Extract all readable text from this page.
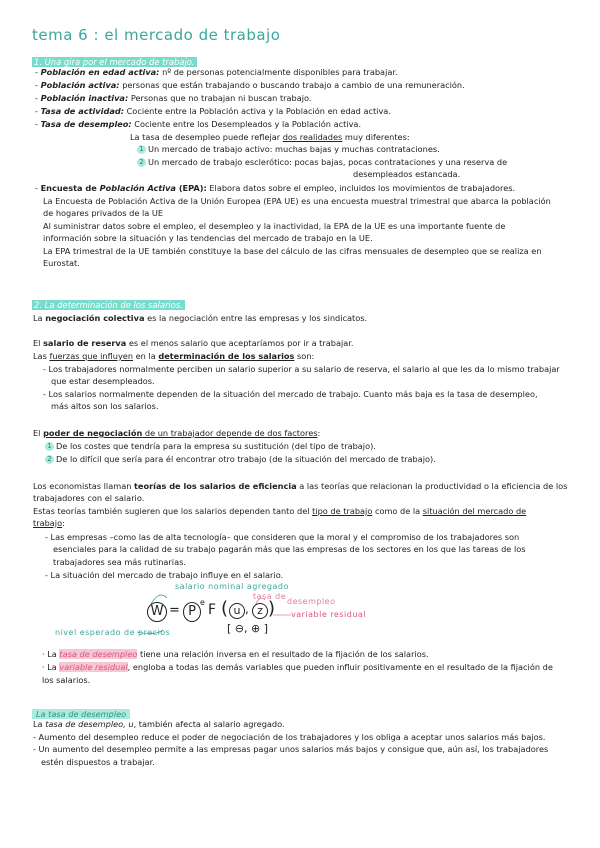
tema 6 : el mercado de trabajo
1. Una gira por el mercado de trabajo.
- Población en edad activa: nº de personas potencialmente disponibles para trabajar.
- Población activa: personas que están trabajando o buscando trabajo a cambio de una remuneración.
- Población inactiva: Personas que no trabajan ni buscan trabajo.
- Tasa de actividad: Cociente entre la Población activa y la Población en edad activa.
- Tasa de desempleo: Cociente entre los Desempleados y la Población activa.
La tasa de desempleo puede reflejar dos realidades muy diferentes:
1 Un mercado de trabajo activo: muchas bajas y muchas contrataciones.
2 Un mercado de trabajo esclerótico: pocas bajas, pocas contrataciones y una reserva de
desempleados estancada.
- Encuesta de Población Activa (EPA): Elabora datos sobre el empleo, incluidos los movimientos de trabajadores.
La Encuesta de Población Activa de la Unión Europea (EPA UE) es una encuesta muestral trimestral que abarca la población
de hogares privados de la UE
Al suministrar datos sobre el empleo, el desempleo y la inactividad, la EPA de la UE es una importante fuente de
información sobre la situación y las tendencias del mercado de trabajo en la UE.
La EPA trimestral de la UE también constituye la base del cálculo de las cifras mensuales de desempleo que se realiza en
Eurostat.
2. La determinación de los salarios.
La negociación colectiva es la negociación entre las empresas y los sindicatos.
El salario de reserva es el menos salario que aceptaríamos por ir a trabajar.
Las fuerzas que influyen en la determinación de los salarios son:
- Los trabajadores normalmente perciben un salario superior a su salario de reserva, el salario al que les da lo mismo trabajar
que estar desempleados.
- Los salarios normalmente dependen de la situación del mercado de trabajo. Cuanto más baja es la tasa de desempleo,
más altos son los salarios.
El poder de negociación de un trabajador depende de dos factores:
1 De los costes que tendría para la empresa su sustitución (del tipo de trabajo).
2 De lo difícil que sería para él encontrar otro trabajo (de la situación del mercado de trabajo).
Los economistas llaman teorías de los salarios de eficiencia a las teorías que relacionan la productividad o la eficiencia de los
trabajadores con el salario.
Estas teorías también sugieren que los salarios dependen tanto del tipo de trabajo como de la situación del mercado de
trabajo:
- Las empresas –como las de alta tecnología– que consideren que la moral y el compromiso de los trabajadores son
esenciales para la calidad de su trabajo pagarán más que las empresas de los sectores en los que las tareas de los
trabajadores sea más rutinarias.
- La situación del mercado de trabajo influye en el salario.
salario nominal agregado
tasa de
desempleo
variable residual
nivel esperado de precios
W = P
e F ( u , z )
[ ⊖, ⊕ ]
· La tasa de desempleo tiene una relación inversa en el resultado de la fijación de los salarios.
· La variable residual, engloba a todas las demás variables que pueden influir positivamente en el resultado de la fijación de
los salarios.
La tasa de desempleo
La tasa de desempleo, u, también afecta al salario agregado.
- Aumento del desempleo reduce el poder de negociación de los trabajadores y los obliga a aceptar unos salarios más bajos.
- Un aumento del desempleo permite a las empresas pagar unos salarios más bajos y consigue que, aún así, los trabajadores
estén dispuestos a trabajar.
